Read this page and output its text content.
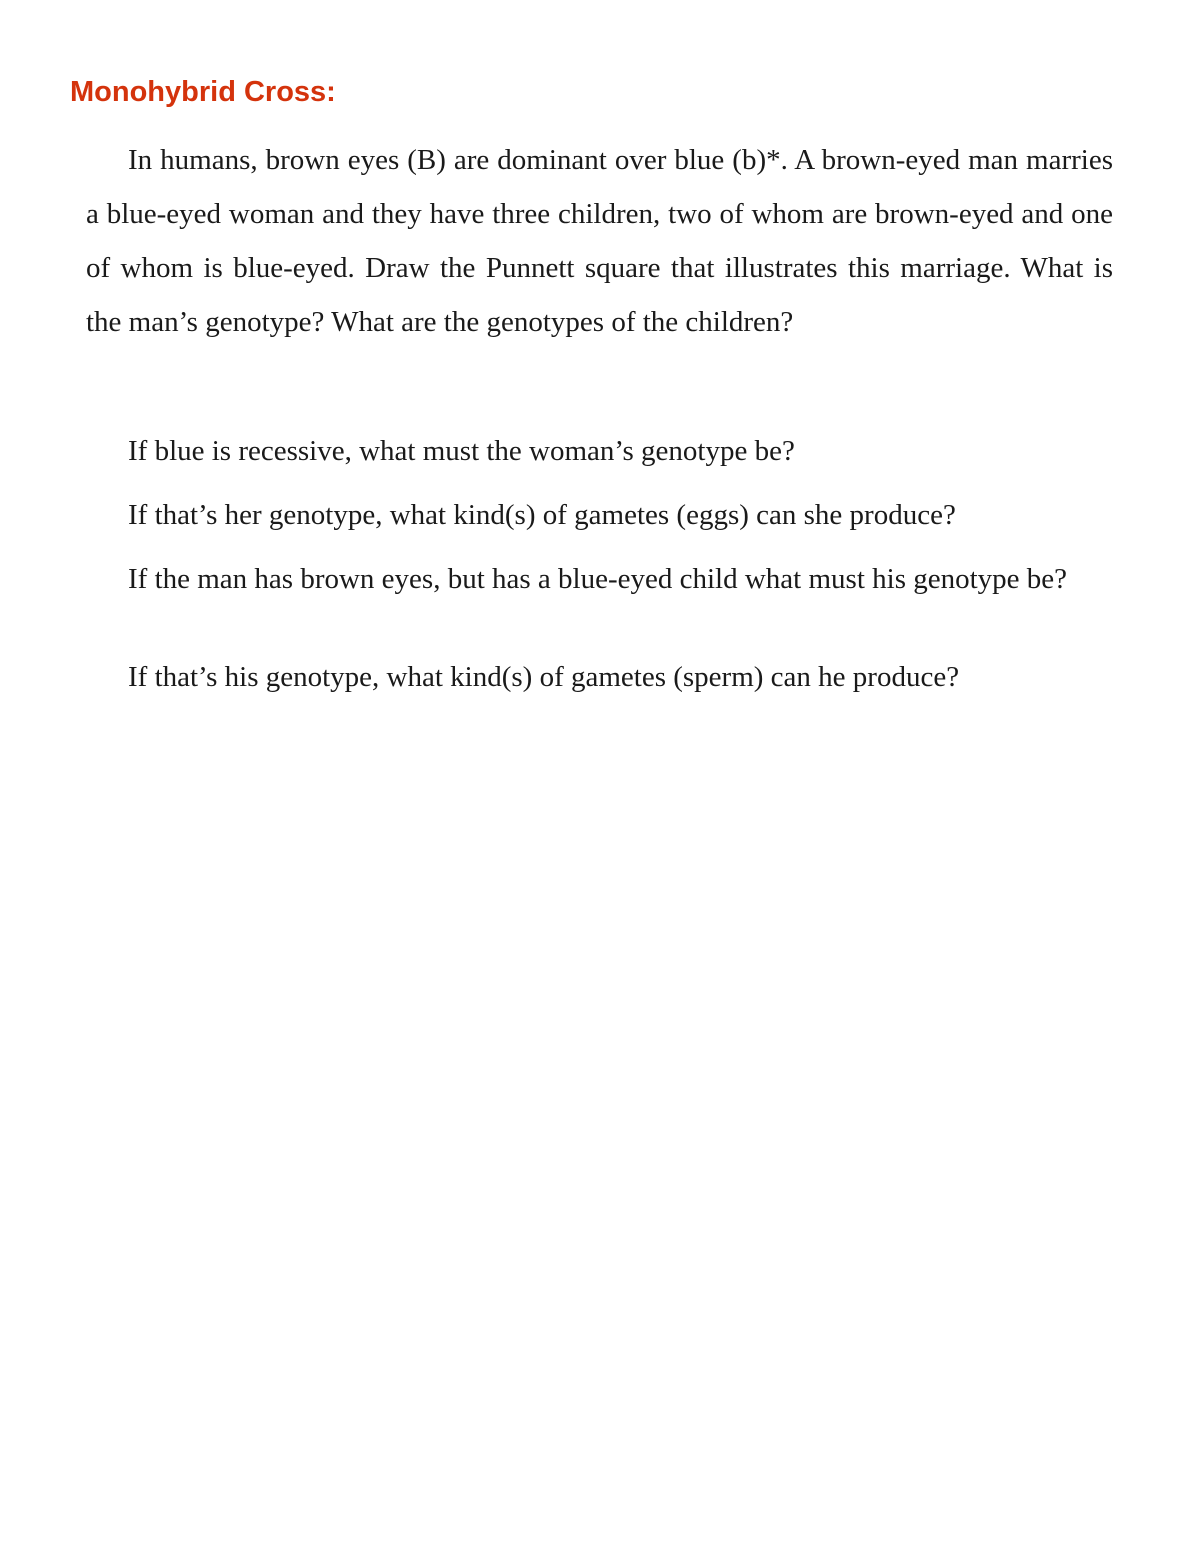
Monohybrid Cross:

In humans, brown eyes (B) are dominant over blue (b)*. A brown-eyed man marries a blue-eyed woman and they have three children, two of whom are brown-eyed and one of whom is blue-eyed. Draw the Punnett square that illustrates this marriage. What is the man’s genotype? What are the genotypes of the children?

If blue is recessive, what must the woman’s genotype be?

If that’s her genotype, what kind(s) of gametes (eggs) can she produce?

If the man has brown eyes, but has a blue-eyed child what must his genotype be?

If that’s his genotype, what kind(s) of gametes (sperm) can he produce?
